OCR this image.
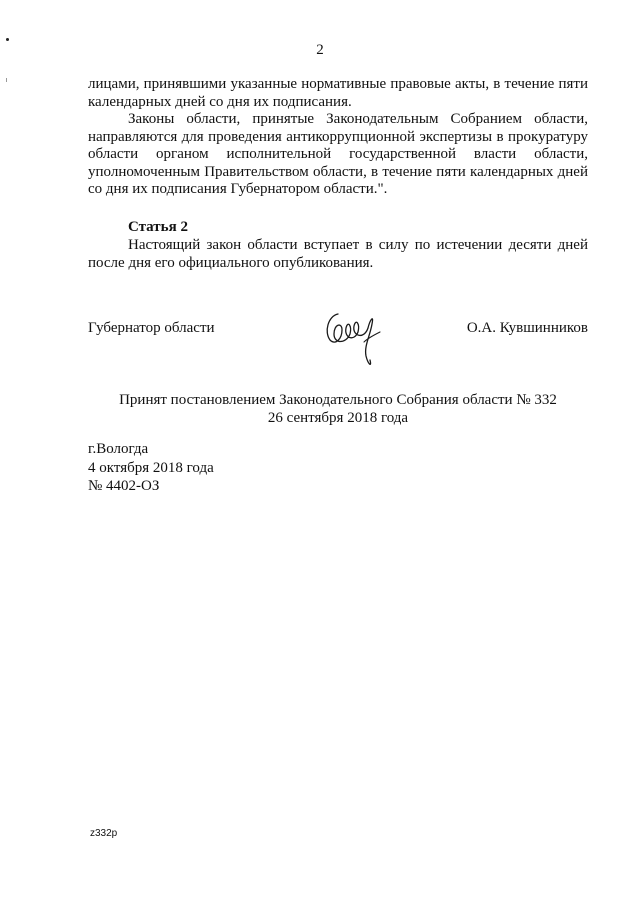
2

лицами, принявшими указанные нормативные правовые акты, в течение пяти календарных дней со дня их подписания.

Законы области, принятые Законодательным Собранием области, направляются для проведения антикоррупционной экспертизы в прокуратуру области органом исполнительной государственной власти области, уполномоченным Правительством области, в течение пяти календарных дней со дня их подписания Губернатором области.".

Статья 2
Настоящий закон области вступает в силу по истечении десяти дней после дня его официального опубликования.
Губернатор области	О.А. Кувшинников
Принят постановлением Законодательного Собрания области № 332
26 сентября 2018 года
г.Вологда
4 октября 2018 года
№ 4402-ОЗ
z332p
